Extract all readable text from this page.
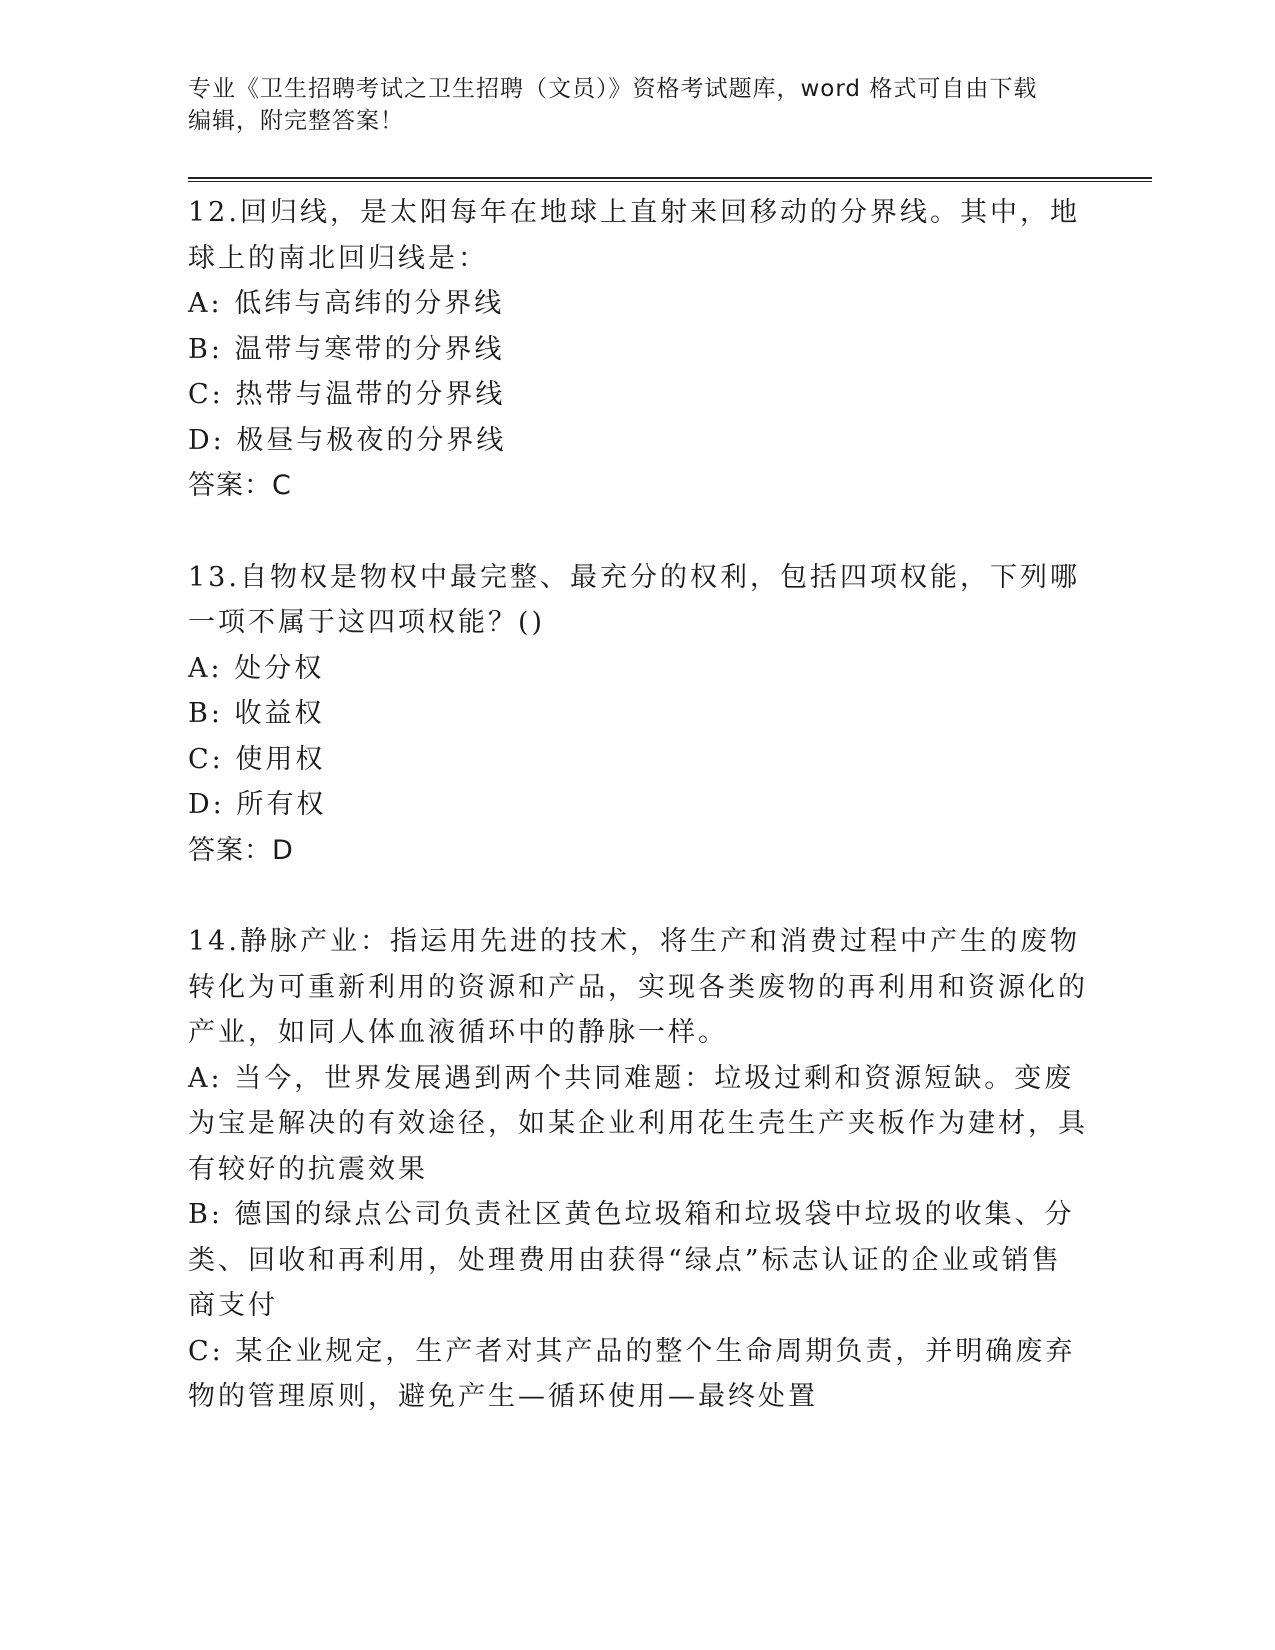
专业《卫生招聘考试之卫生招聘（文员）》资格考试题库，word 格式可自由下载
编辑，附完整答案！
12.回归线，是太阳每年在地球上直射来回移动的分界线。其中，地球上的南北回归线是：
A: 低纬与高纬的分界线
B: 温带与寒带的分界线
C: 热带与温带的分界线
D: 极昼与极夜的分界线
答案：C
13.自物权是物权中最完整、最充分的权利，包括四项权能，下列哪一项不属于这四项权能？()
A: 处分权
B: 收益权
C: 使用权
D: 所有权
答案：D
14.静脉产业：指运用先进的技术，将生产和消费过程中产生的废物转化为可重新利用的资源和产品，实现各类废物的再利用和资源化的产业，如同人体血液循环中的静脉一样。
A: 当今，世界发展遇到两个共同难题：垃圾过剩和资源短缺。变废为宝是解决的有效途径，如某企业利用花生壳生产夹板作为建材，具有较好的抗震效果
B: 德国的绿点公司负责社区黄色垃圾箱和垃圾袋中垃圾的收集、分类、回收和再利用，处理费用由获得“绿点”标志认证的企业或销售商支付
C: 某企业规定，生产者对其产品的整个生命周期负责，并明确废弃物的管理原则，避免产生—循环使用—最终处置
